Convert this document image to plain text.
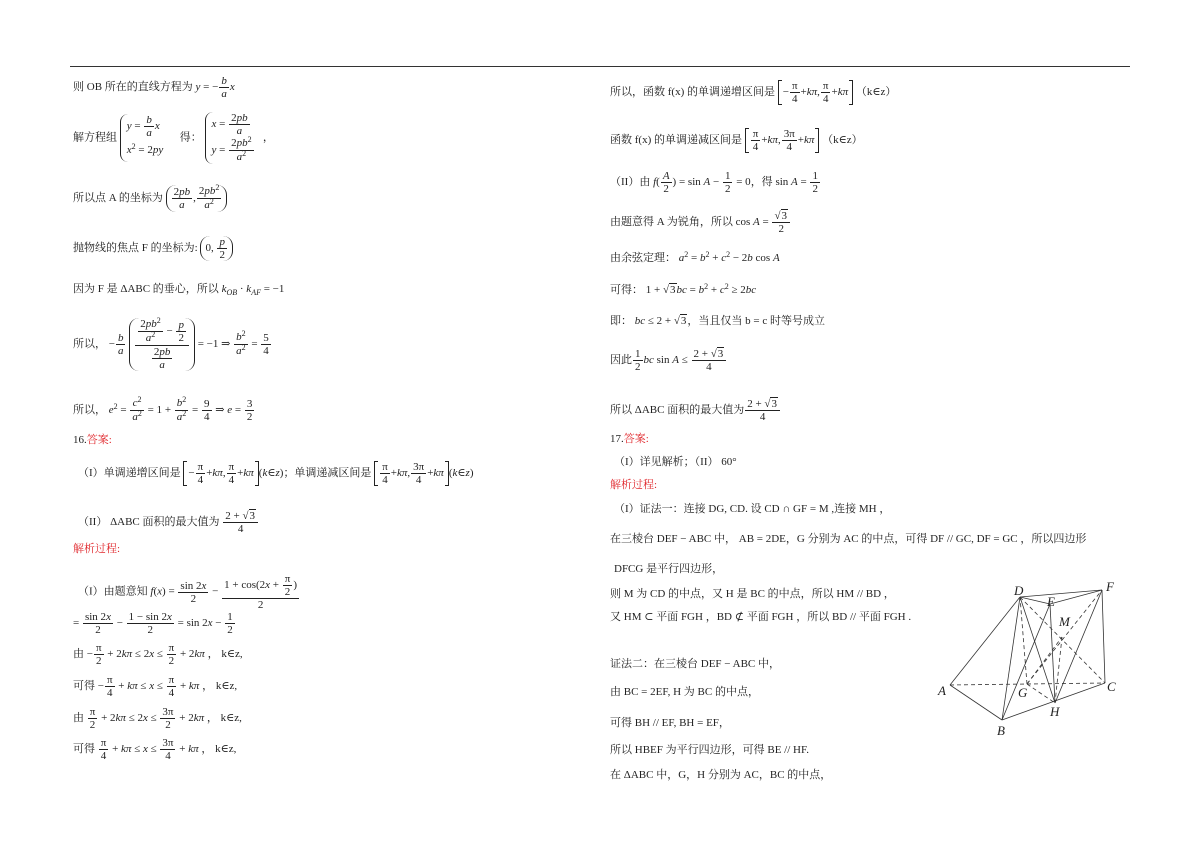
则 OB 所在的直线方程为 y = − $\frac{b}{a}$ x
解方程组
$y = \frac{b}{a}$ x
$x^2 = 2py$
得：
$x = \frac{2pb}{a}$
$y = \frac{2pb^2}{a^2}$ ，
所以点 A 的坐标为 $\frac{2pb}{a}$ , $\frac{2pb^2}{a^2}$
抛物线的焦点 F 的坐标为: 0, $\frac{p}{2}$
因为 F 是 ΔABC 的垂心，所以 $k_{OB} \cdot k_{AF} = -1$
所以， − $\frac{b}{a}$
$\frac{\frac{2pb^2}{a^2} - \frac{p}{2}}{\frac{2pb}{a}} = -1$ ⇒ $\frac{b^2}{a^2} = \frac{5}{4}$
所以， $e^2 = \frac{c^2}{a^2} = 1 + \frac{b^2}{a^2} = \frac{9}{4}$ ⇒ $e = \frac{3}{2}$
16.答案:
（I）单调递增区间是 − $\frac{\pi}{4} +k\pi$, $\frac{\pi}{4} +k\pi$ (k∈z)；单调递减区间是 $\frac{\pi}{4} +k\pi$, $\frac{3\pi}{4} +k\pi$ (k∈z)
（II） ΔABC 面积的最大值为 $\frac{2 + √3}{4}$
解析过程:
（I）由题意知 $f(x) = \frac{\sin 2x}{2} - \frac{1 + \cos(2x + \frac{\pi}{2} )}{2}$
= $\frac{\sin 2x}{2} - \frac{1 - \sin 2x}{2} = \sin 2x - \frac{1}{2}$
由 − $\frac{\pi}{2} + 2k\pi \le 2x \le \frac{\pi}{2} + 2k\pi$ ， k∈z,
可得 − $\frac{\pi}{4} + k\pi \le x \le \frac{\pi}{4} + k\pi$ ， k∈z,
由 $\frac{\pi}{2} + 2k\pi \le 2x \le \frac{3\pi}{2} + 2k\pi$ ， k∈z,
可得 $\frac{\pi}{4} + k\pi \le x \le \frac{3\pi}{4} + k\pi$ ， k∈z,
所以，函数 f(x) 的单调递增区间是 − $\frac{\pi}{4} +k\pi$, $\frac{\pi}{4} +k\pi$ （k∈z）
函数 f(x) 的单调递减区间是 $\frac{\pi}{4} +k\pi$, $\frac{3\pi}{4} +k\pi$ （k∈z）
（II）由 $f( \frac{A}{2}$ ) = $\sin A - \frac{1}{2} = 0$，得 $\sin A = \frac{1}{2}$
由题意得 A 为锐角，所以 $\cos A = \frac{√3}{2}$
由余弦定理： $a^2 = b^2 + c^2 - 2b$ cos A
可得： $1 + √3bc = b^2 + c^2 \ge 2bc$
即： bc ≤ 2 + √3，当且仅当 b = c 时等号成立
因此 $\frac{1}{2}$ bc $\sin A \le \frac{2 + √3}{4}$
所以 ΔABC 面积的最大值为 $\frac{2 + √3}{4}$
17.答案:
（I）详见解析；（II） 60°
解析过程:
（I）证法一：连接 DG, CD. 设 CD ∩ GF = M ,连接 MH ，
在三棱台 DEF − ABC 中， AB = 2DE，G 分别为 AC 的中点，可得 DF // GC, DF = GC ，所以四边形
DFCG 是平行四边形，
则 M 为 CD 的中点，又 H 是 BC 的中点，所以 HM // BD ，
又 HM ⊂ 平面 FGH ，BD ⊄ 平面 FGH ，所以 BD // 平面 FGH .
证法二：在三棱台 DEF − ABC 中，
由 BC = 2EF, H 为 BC 的中点，
可得 BH // EF, BH = EF，
所以 HBEF 为平行四边形，可得 BE // HF.
在 ΔABC 中，G，H 分别为 AC，BC 的中点，
D
E
F
M
A	G	C
H
B
